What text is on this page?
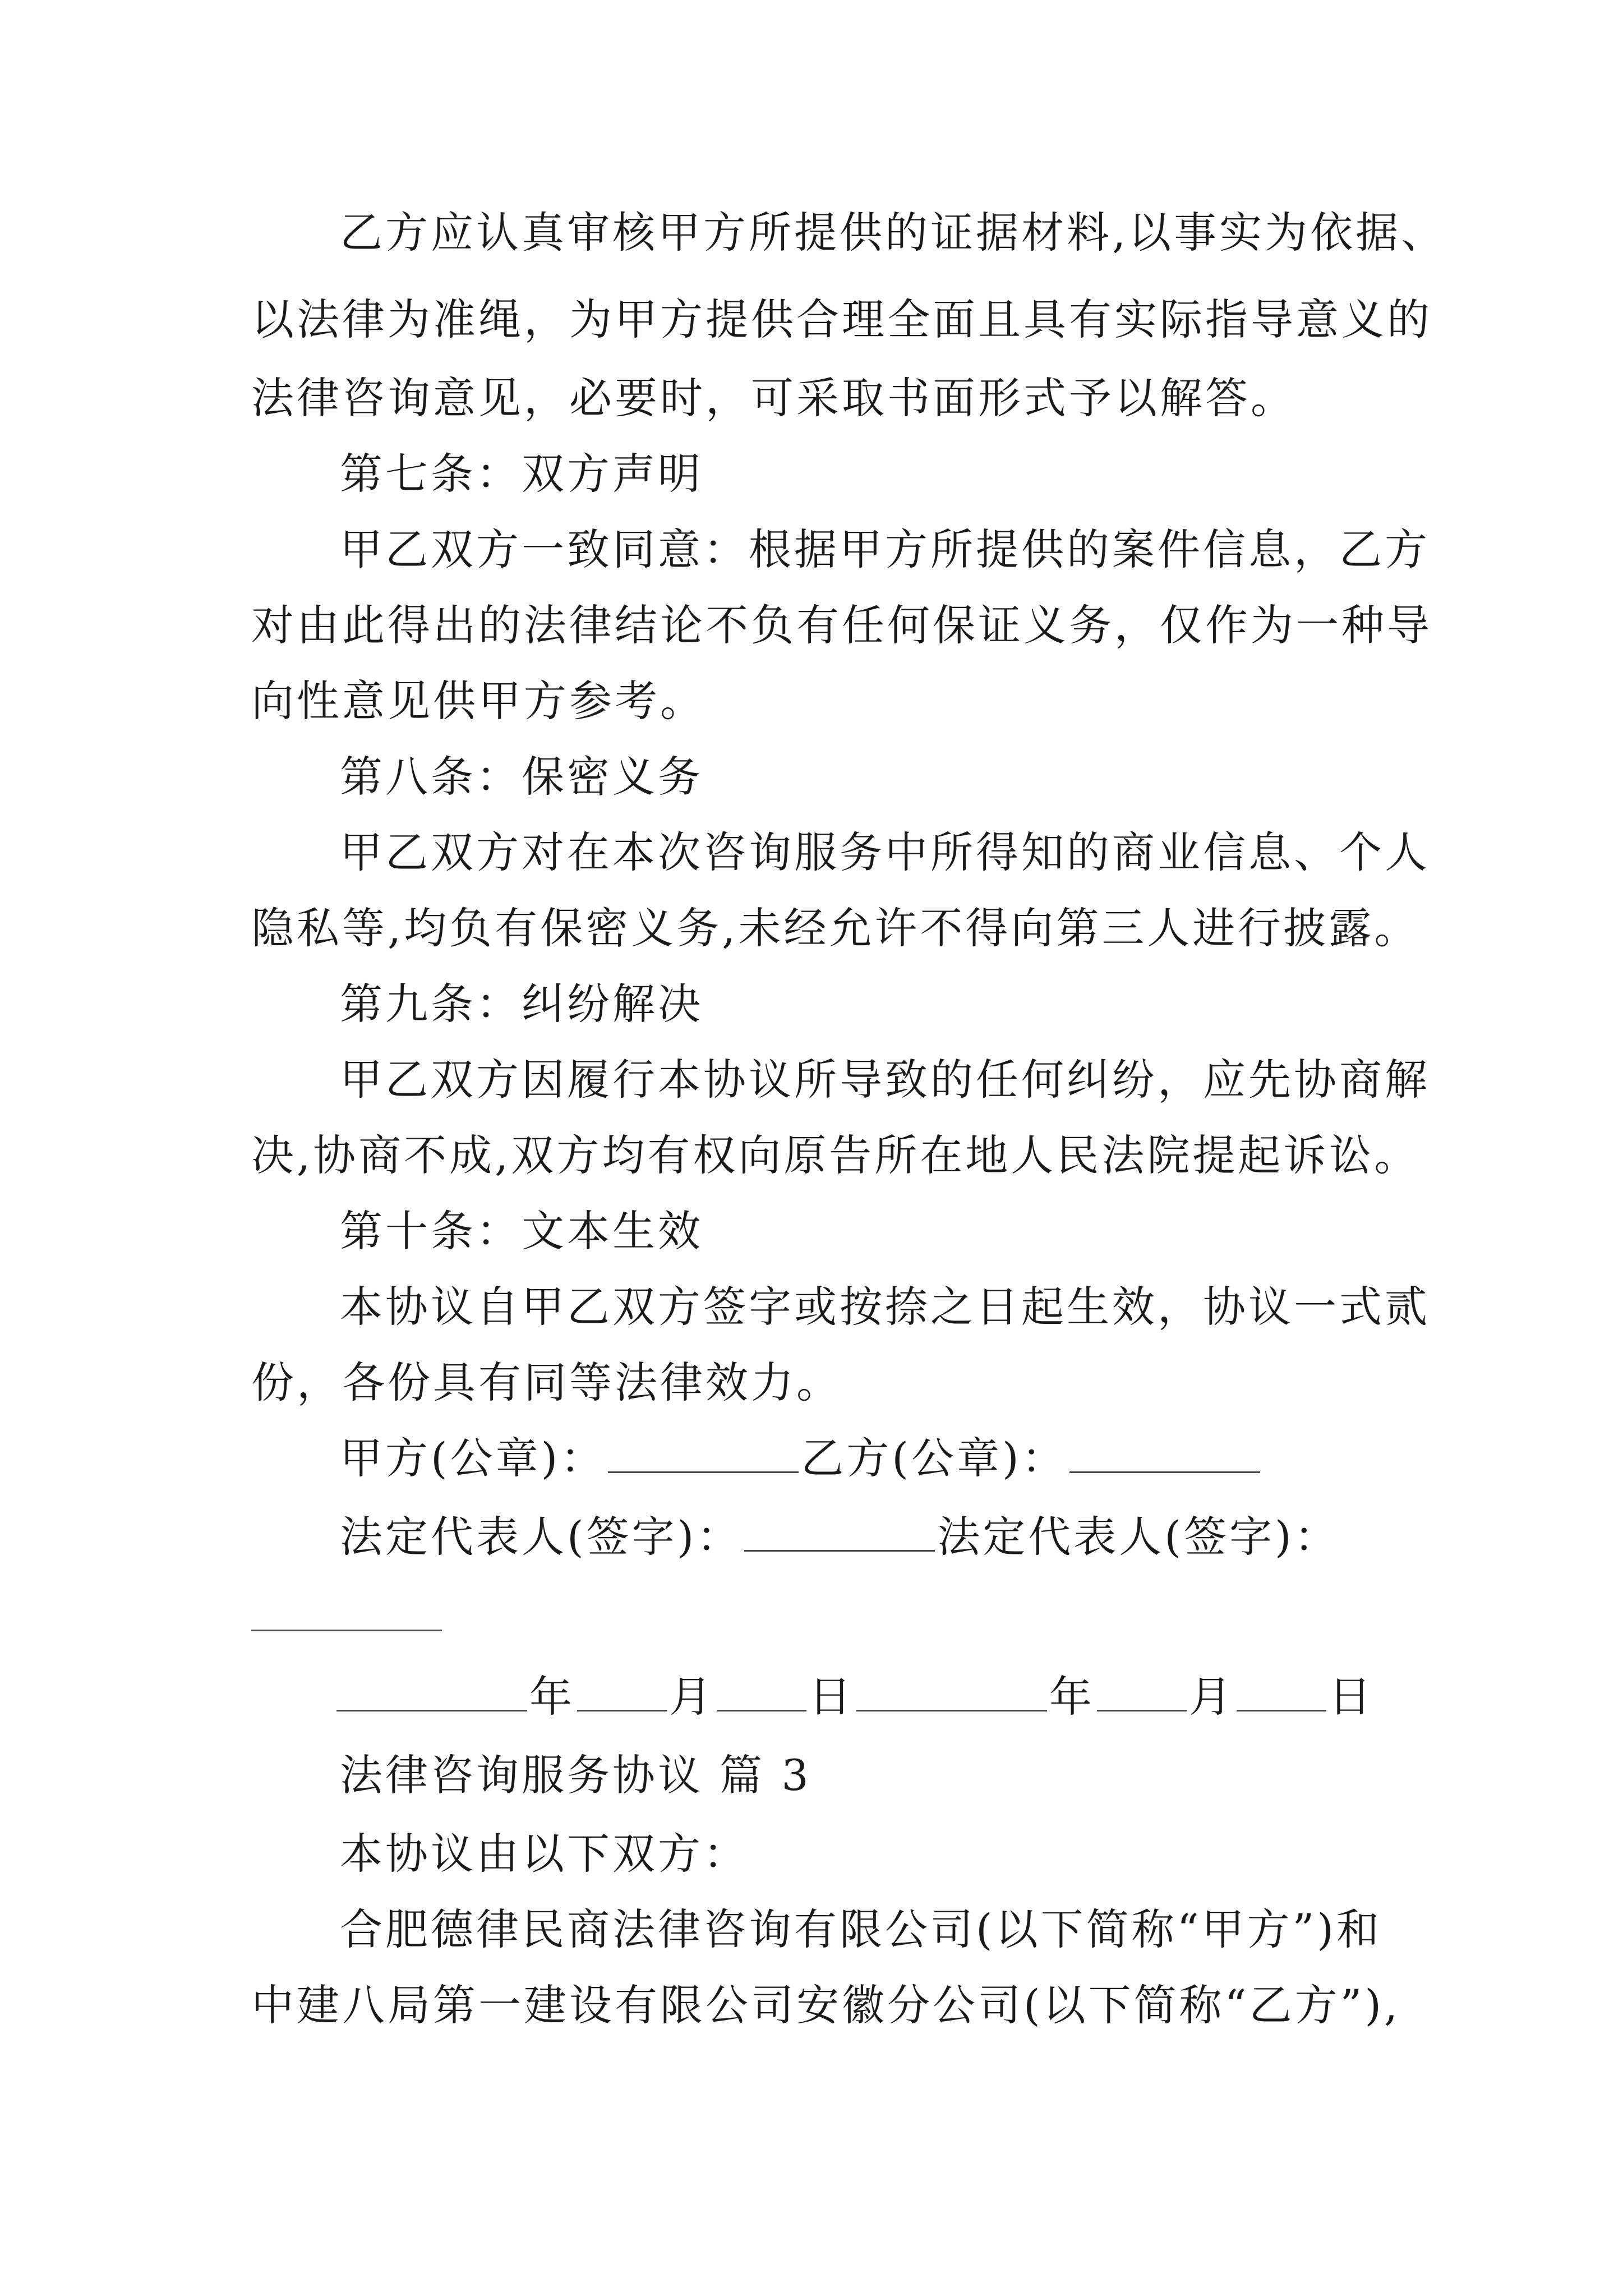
乙方应认真审核甲方所提供的证据材料,以事实为依据、
以法律为准绳，为甲方提供合理全面且具有实际指导意义的
法律咨询意见，必要时，可采取书面形式予以解答。
第七条：双方声明
甲乙双方一致同意：根据甲方所提供的案件信息，乙方
对由此得出的法律结论不负有任何保证义务，仅作为一种导
向性意见供甲方参考。
第八条：保密义务
甲乙双方对在本次咨询服务中所得知的商业信息、个人
隐私等,均负有保密义务,未经允许不得向第三人进行披露。
第九条：纠纷解决
甲乙双方因履行本协议所导致的任何纠纷，应先协商解
决,协商不成,双方均有权向原告所在地人民法院提起诉讼。
第十条：文本生效
本协议自甲乙双方签字或按捺之日起生效，协议一式贰
份，各份具有同等法律效力。
甲方(公章)：	乙方(公章)：
法定代表人(签字)：	法定代表人(签字)：
年 月 日	年 月 日
法律咨询服务协议 篇 3
本协议由以下双方：
合肥德律民商法律咨询有限公司(以下简称“甲方”)和
中建八局第一建设有限公司安徽分公司(以下简称“乙方”),
